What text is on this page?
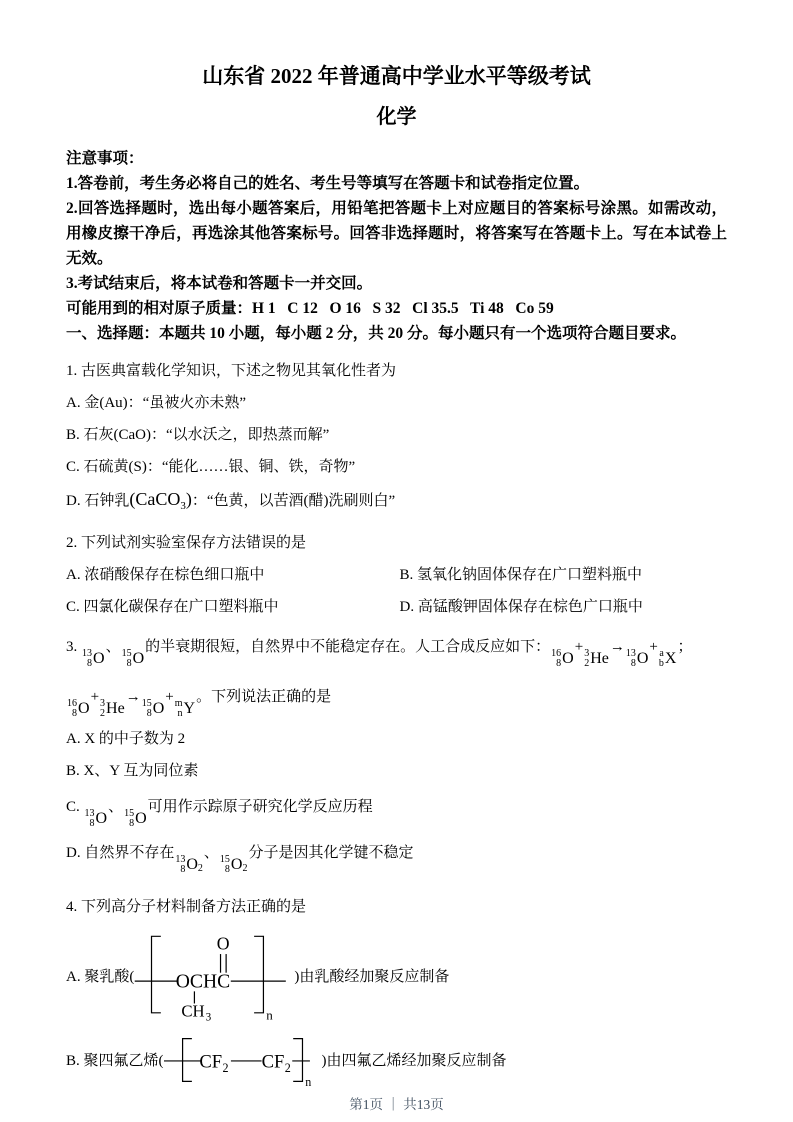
山东省 2022 年普通高中学业水平等级考试
化学

注意事项：

1.答卷前，考生务必将自己的姓名、考生号等填写在答题卡和试卷指定位置。

2.回答选择题时，选出每小题答案后，用铅笔把答题卡上对应题目的答案标号涂黑。如需改动，用橡皮擦干净后，再选涂其他答案标号。回答非选择题时，将答案写在答题卡上。写在本试卷上无效。

3.考试结束后，将本试卷和答题卡一并交回。

可能用到的相对原子质量：H 1   C 12   O 16   S 32   Cl 35.5   Ti 48   Co 59

一、选择题：本题共 10 小题，每小题 2 分，共 20 分。每小题只有一个选项符合题目要求。

1. 古医典富载化学知识，下述之物见其氧化性者为

A. 金(Au)：“虽被火亦未熟”

B. 石灰(CaO)：“以水沃之，即热蒸而解”

C. 石硫黄(S)：“能化……银、铜、铁，奇物”

D. 石钟乳(CaCO$_3$)：“色黄，以苦酒(醋)洗刷则白”

2. 下列试剂实验室保存方法错误的是

A. 浓硝酸保存在棕色细口瓶中	B. 氢氧化钠固体保存在广口塑料瓶中
C. 四氯化碳保存在广口塑料瓶中	D. 高锰酸钾固体保存在棕色广口瓶中

3. 13
8 O
、 15
8 O
的半衰期很短，自然界中不能稳定存在。人工合成反应如下： 16
8 O
+ 3
2 He
→ 13
8 O
+ a
b X
；

16
8 O
+ 3
2 He
→ 15
8 O
+ m
n Y
。下列说法正确的是

A. X 的中子数为 2

B. X、Y 互为同位素

C. 13
8 O
、 15
8 O
可用作示踪原子研究化学反应历程

D. 自然界不存在 13
8 O 2
、 15
8 O 2
分子是因其化学键不稳定

4. 下列高分子材料制备方法正确的是

A. 聚乳酸( OCHC
O
CH 3	n
)由乳酸经加聚反应制备
B. 聚四氟乙烯( CF 2 CF 2
n
)由四氟乙烯经加聚反应制备
第1页 ｜ 共13页
